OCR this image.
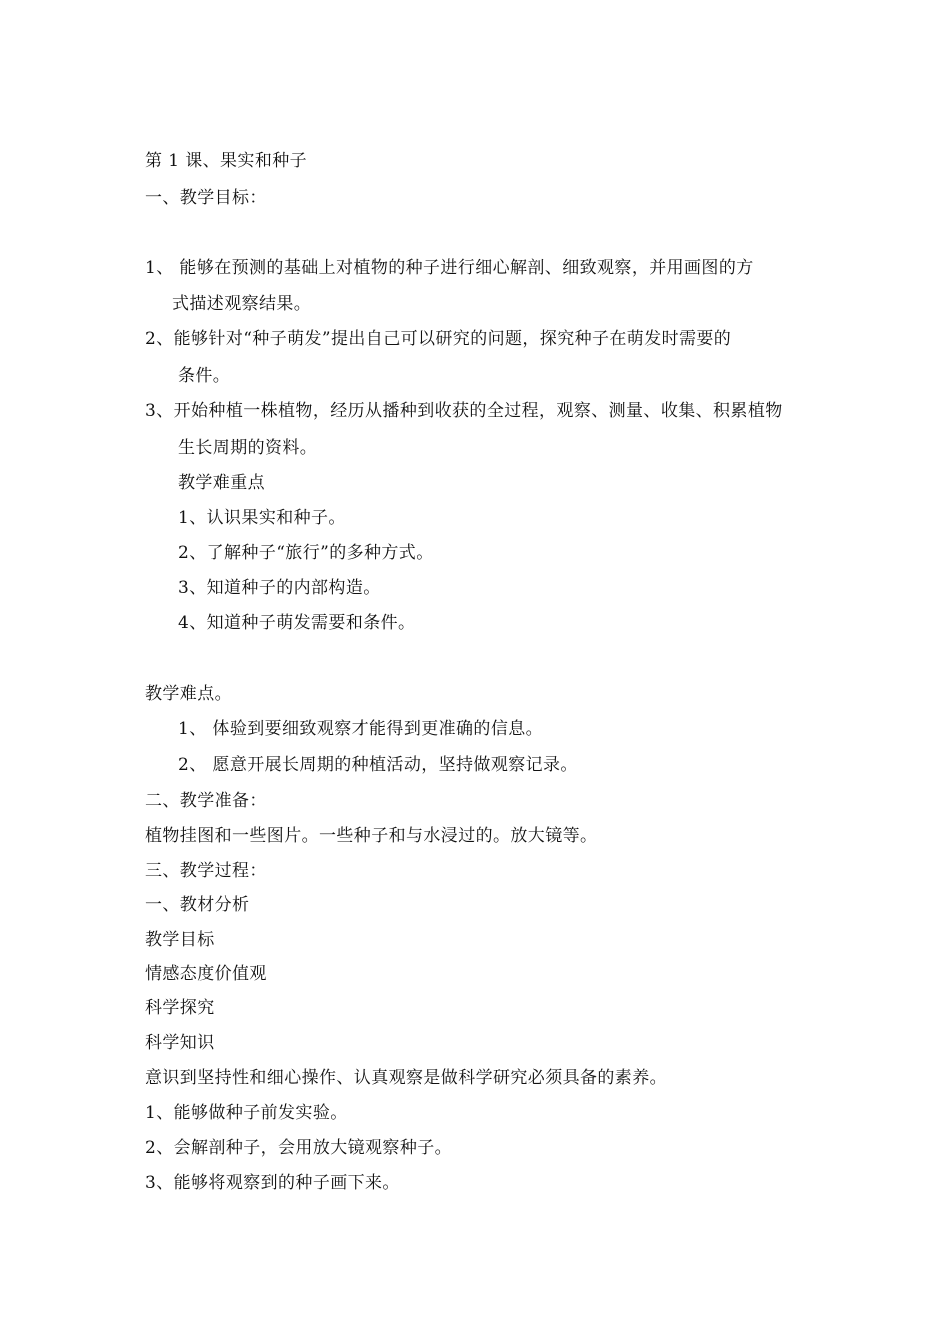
第 1 课、果实和种子
一、教学目标：
1、 能够在预测的基础上对植物的种子进行细心解剖、细致观察，并用画图的方
式描述观察结果。
2、能够针对“种子萌发”提出自己可以研究的问题，探究种子在萌发时需要的
条件。
3、开始种植一株植物，经历从播种到收获的全过程，观察、测量、收集、积累植物
生长周期的资料。
教学难重点
1、认识果实和种子。
2、了解种子“旅行”的多种方式。
3、知道种子的内部构造。
4、知道种子萌发需要和条件。
教学难点。
1、 体验到要细致观察才能得到更准确的信息。
2、 愿意开展长周期的种植活动，坚持做观察记录。
二、教学准备：
植物挂图和一些图片。一些种子和与水浸过的。放大镜等。
三、教学过程：
一、教材分析
教学目标
情感态度价值观
科学探究
科学知识
意识到坚持性和细心操作、认真观察是做科学研究必须具备的素养。
1、能够做种子前发实验。
2、会解剖种子，会用放大镜观察种子。
3、能够将观察到的种子画下来。
